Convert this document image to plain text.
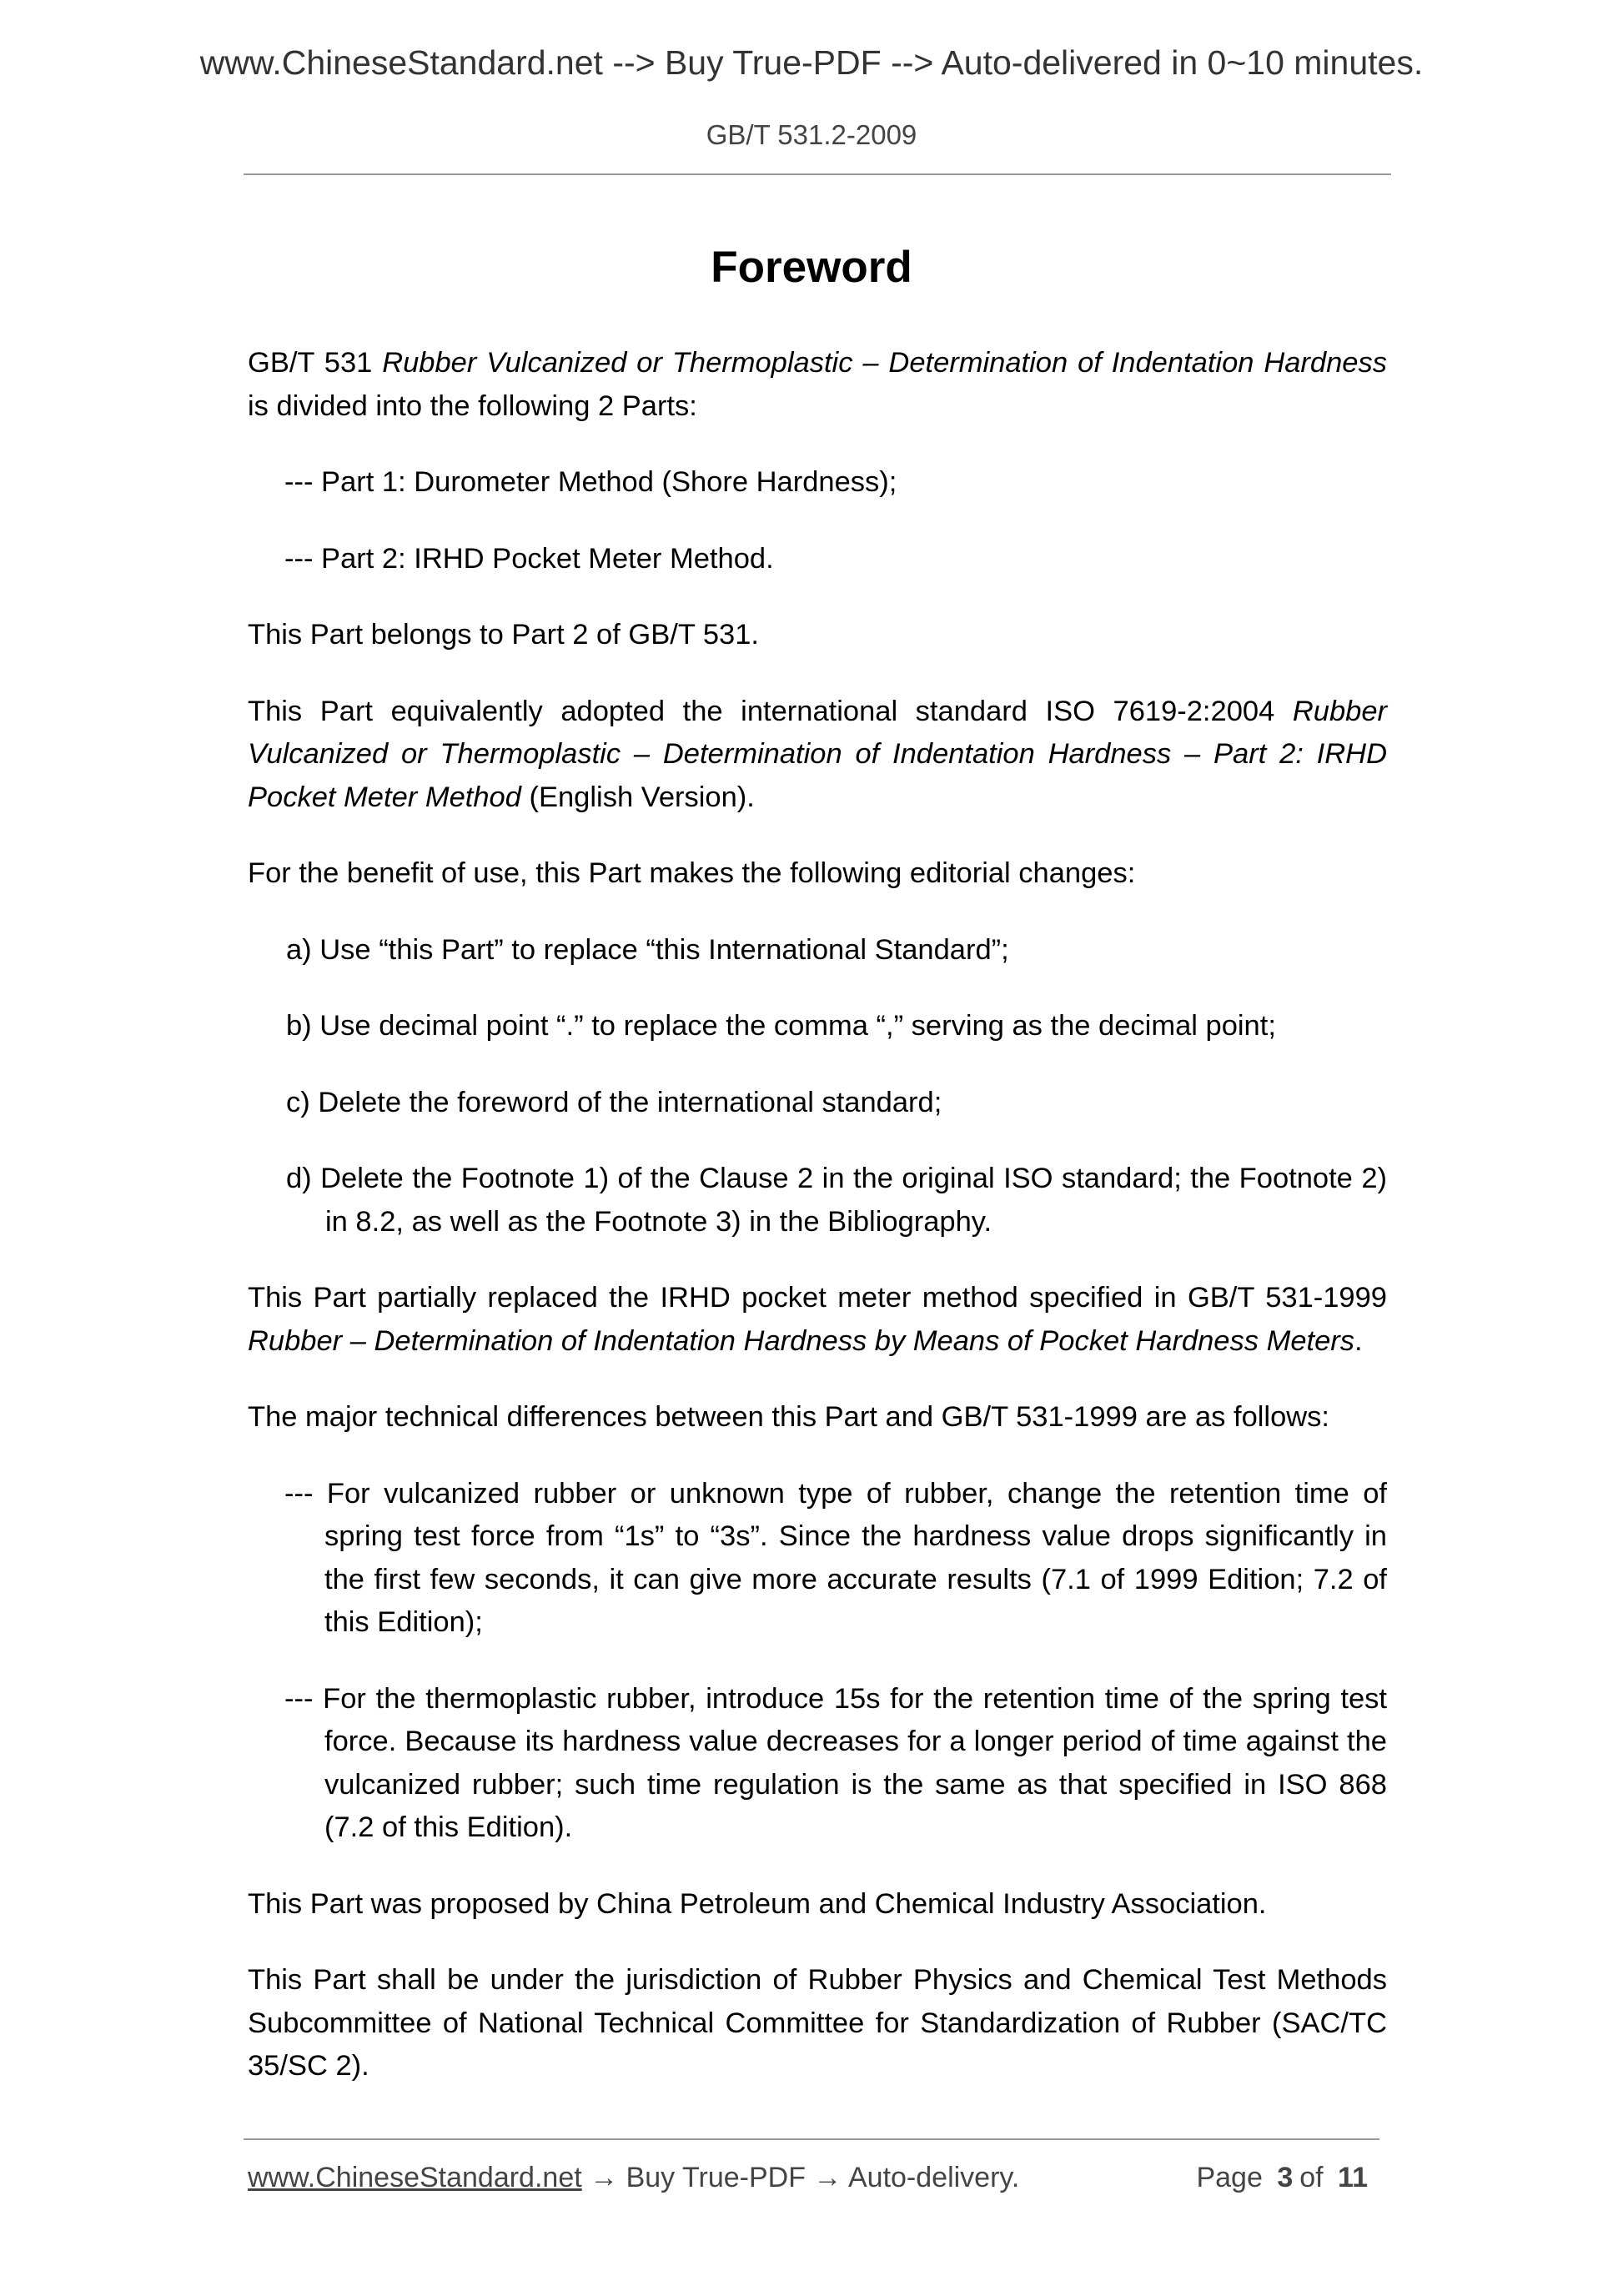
www.ChineseStandard.net --> Buy True-PDF --> Auto-delivered in 0~10 minutes.
GB/T 531.2-2009
Foreword

GB/T 531 Rubber Vulcanized or Thermoplastic – Determination of Indentation Hardness is divided into the following 2 Parts:

--- Part 1: Durometer Method (Shore Hardness);

--- Part 2: IRHD Pocket Meter Method.

This Part belongs to Part 2 of GB/T 531.

This Part equivalently adopted the international standard ISO 7619-2:2004 Rubber Vulcanized or Thermoplastic – Determination of Indentation Hardness – Part 2: IRHD Pocket Meter Method (English Version).

For the benefit of use, this Part makes the following editorial changes:

a) Use “this Part” to replace “this International Standard”;

b) Use decimal point “.” to replace the comma “,” serving as the decimal point;

c) Delete the foreword of the international standard;

d) Delete the Footnote 1) of the Clause 2 in the original ISO standard; the Footnote 2) in 8.2, as well as the Footnote 3) in the Bibliography.

This Part partially replaced the IRHD pocket meter method specified in GB/T 531-1999 Rubber – Determination of Indentation Hardness by Means of Pocket Hardness Meters.

The major technical differences between this Part and GB/T 531-1999 are as follows:

--- For vulcanized rubber or unknown type of rubber, change the retention time of spring test force from “1s” to “3s”. Since the hardness value drops significantly in the first few seconds, it can give more accurate results (7.1 of 1999 Edition; 7.2 of this Edition);

--- For the thermoplastic rubber, introduce 15s for the retention time of the spring test force. Because its hardness value decreases for a longer period of time against the vulcanized rubber; such time regulation is the same as that specified in ISO 868 (7.2 of this Edition).

This Part was proposed by China Petroleum and Chemical Industry Association.

This Part shall be under the jurisdiction of Rubber Physics and Chemical Test Methods Subcommittee of National Technical Committee for Standardization of Rubber (SAC/TC 35/SC 2).

www.ChineseStandard.net → Buy True-PDF → Auto-delivery.	Page 3 of 11
